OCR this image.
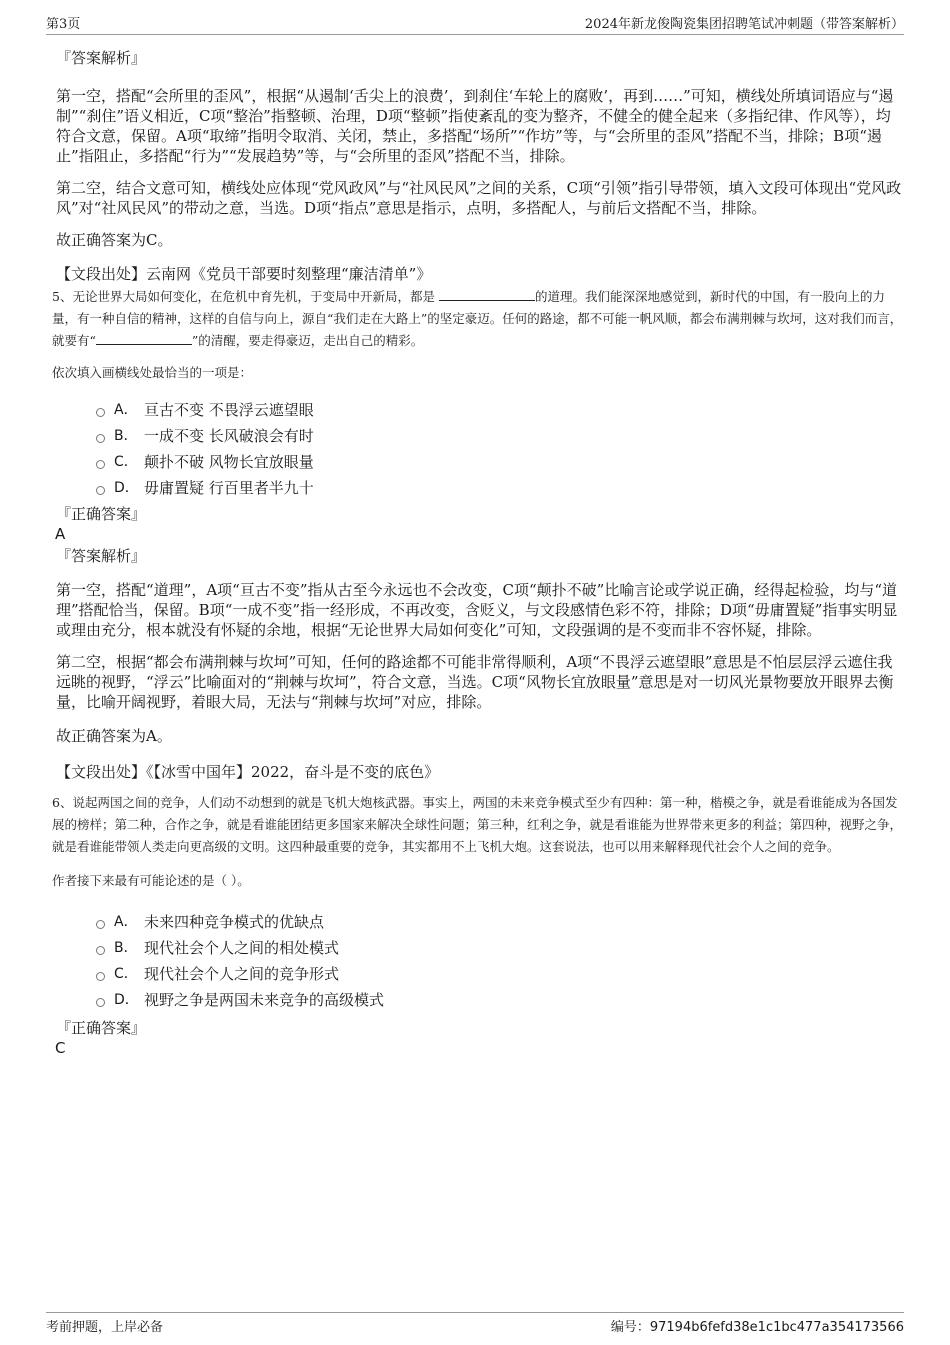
第3页	2024年新龙俊陶瓷集团招聘笔试冲刺题（带答案解析）

『答案解析』

第一空，搭配“会所里的歪风”，根据“从遏制‘舌尖上的浪费’，到刹住‘车轮上的腐败’，再到……”可知，横线处所填词语应与“遏制”“刹住”语义相近，C项“整治”指整顿、治理，D项“整顿”指使紊乱的变为整齐，不健全的健全起来（多指纪律、作风等），均符合文意，保留。A项“取缔”指明令取消、关闭，禁止，多搭配“场所”“作坊”等，与“会所里的歪风”搭配不当，排除；B项“遏止”指阻止，多搭配“行为”“发展趋势”等，与“会所里的歪风”搭配不当，排除。

第二空，结合文意可知，横线处应体现“党风政风”与“社风民风”之间的关系，C项“引领”指引导带领，填入文段可体现出“党风政风”对“社风民风”的带动之意，当选。D项“指点”意思是指示，点明，多搭配人，与前后文搭配不当，排除。

故正确答案为C。

【文段出处】云南网《党员干部要时刻整理“廉洁清单”》

5、无论世界大局如何变化，在危机中育先机，于变局中开新局，都是	的道理。我们能深深地感觉到，新时代的中国，有一股向上的力量，有一种自信的精神，这样的自信与向上，源自“我们走在大路上”的坚定豪迈。任何的路途，都不可能一帆风顺，都会布满荆棘与坎坷，这对我们而言，就要有“	”的清醒，要走得豪迈，走出自己的精彩。

依次填入画横线处最恰当的一项是：

A． 亘古不变 不畏浮云遮望眼
B． 一成不变 长风破浪会有时
C． 颠扑不破 风物长宜放眼量
D． 毋庸置疑 行百里者半九十

『正确答案』

A

『答案解析』

第一空，搭配“道理”，A项“亘古不变”指从古至今永远也不会改变，C项“颠扑不破”比喻言论或学说正确，经得起检验，均与“道理”搭配恰当，保留。B项“一成不变”指一经形成，不再改变，含贬义，与文段感情色彩不符，排除；D项“毋庸置疑”指事实明显或理由充分，根本就没有怀疑的余地，根据“无论世界大局如何变化”可知，文段强调的是不变而非不容怀疑，排除。

第二空，根据“都会布满荆棘与坎坷”可知，任何的路途都不可能非常得顺利，A项“不畏浮云遮望眼”意思是不怕层层浮云遮住我远眺的视野，“浮云”比喻面对的“荆棘与坎坷”，符合文意，当选。C项“风物长宜放眼量”意思是对一切风光景物要放开眼界去衡量，比喻开阔视野，着眼大局，无法与“荆棘与坎坷”对应，排除。

故正确答案为A。

【文段出处】《【冰雪中国年】2022，奋斗是不变的底色》

6、说起两国之间的竞争，人们动不动想到的就是飞机大炮核武器。事实上，两国的未来竞争模式至少有四种：第一种，楷模之争，就是看谁能成为各国发展的榜样；第二种，合作之争，就是看谁能团结更多国家来解决全球性问题；第三种，红利之争，就是看谁能为世界带来更多的利益；第四种，视野之争，就是看谁能带领人类走向更高级的文明。这四种最重要的竞争，其实都用不上飞机大炮。这套说法，也可以用来解释现代社会个人之间的竞争。

作者接下来最有可能论述的是（ ）。

A． 未来四种竞争模式的优缺点
B． 现代社会个人之间的相处模式
C． 现代社会个人之间的竞争形式
D． 视野之争是两国未来竞争的高级模式

『正确答案』

C

考前押题，上岸必备	编号：97194b6fefd38e1c1bc477a354173566
